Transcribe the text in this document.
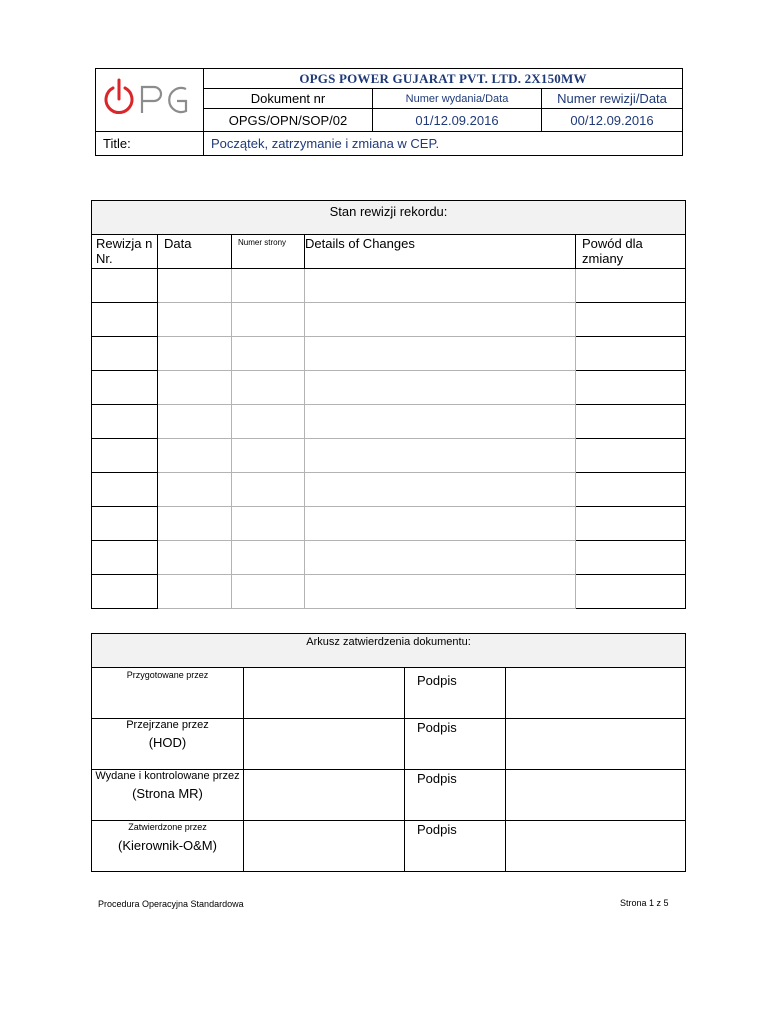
	OPGS POWER GUJARAT PVT. LTD. 2X150MW		
	Dokument nr	Numer wydania/Data	Numer rewizji/Data
	OPGS/OPN/SOP/02	01/12.09.2016	00/12.09.2016
Title:	Początek, zatrzymanie i zmiana w CEP.		
Stan rewizji rekordu:				
Rewizja n Nr.	Data	Numer strony	Details of Changes	Powód dla zmiany

Arkusz zatwierdzenia dokumentu:			

Przygotowane przez		Podpis	

Przejrzane przez
(HOD)		Podpis	

Wydane i kontrolowane przez
(Strona MR)		Podpis	

Zatwierdzone przez
(Kierownik-O&M)		Podpis	
Procedura Operacyjna Standardowa	Strona 1 z 5
